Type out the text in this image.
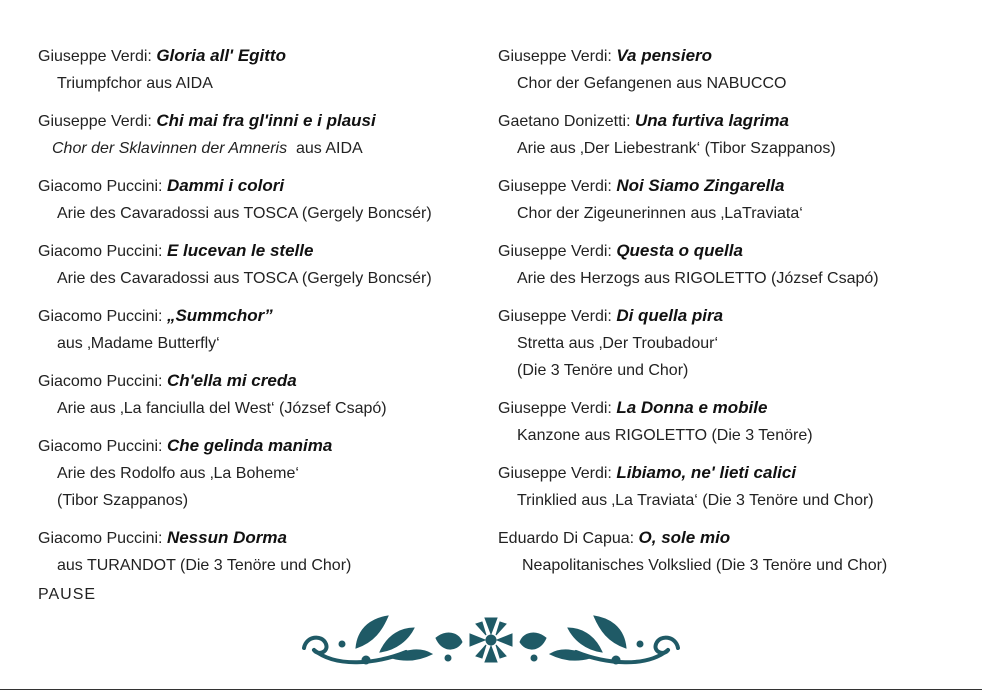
Giuseppe Verdi: Gloria all' Egitto
Triumpfchor aus AIDA
Giuseppe Verdi: Chi mai fra gl'inni e i plausi
Chor der Sklavinnen der Amneris aus AIDA
Giacomo Puccini: Dammi i colori
Arie des Cavaradossi aus TOSCA (Gergely Boncsér)
Giacomo Puccini: E lucevan le stelle
Arie des Cavaradossi aus TOSCA (Gergely Boncsér)
Giacomo Puccini: „Summchor”
aus ‚Madame Butterfly‘
Giacomo Puccini: Ch'ella mi creda
Arie aus ‚La fanciulla del West‘ (József Csapó)
Giacomo Puccini: Che gelinda manima
Arie des Rodolfo aus ‚La Boheme‘
(Tibor Szappanos)
Giacomo Puccini: Nessun Dorma
aus TURANDOT (Die 3 Tenöre und Chor)
Giuseppe Verdi: Va pensiero
Chor der Gefangenen aus NABUCCO
Gaetano Donizetti: Una furtiva lagrima
Arie aus ‚Der Liebestrank‘ (Tibor Szappanos)
Giuseppe Verdi: Noi Siamo Zingarella
Chor der Zigeunerinnen aus ‚LaTraviata‘
Giuseppe Verdi: Questa o quella
Arie des Herzogs aus RIGOLETTO (József Csapó)
Giuseppe Verdi: Di quella pira
Stretta aus ‚Der Troubadour‘
(Die 3 Tenöre und Chor)
Giuseppe Verdi: La Donna e mobile
Kanzone aus RIGOLETTO (Die 3 Tenöre)
Giuseppe Verdi: Libiamo, ne' lieti calici
Trinklied aus ‚La Traviata‘ (Die 3 Tenöre und Chor)
Eduardo Di Capua: O, sole mio
Neapolitanisches Volkslied (Die 3 Tenöre und Chor)
PAUSE
